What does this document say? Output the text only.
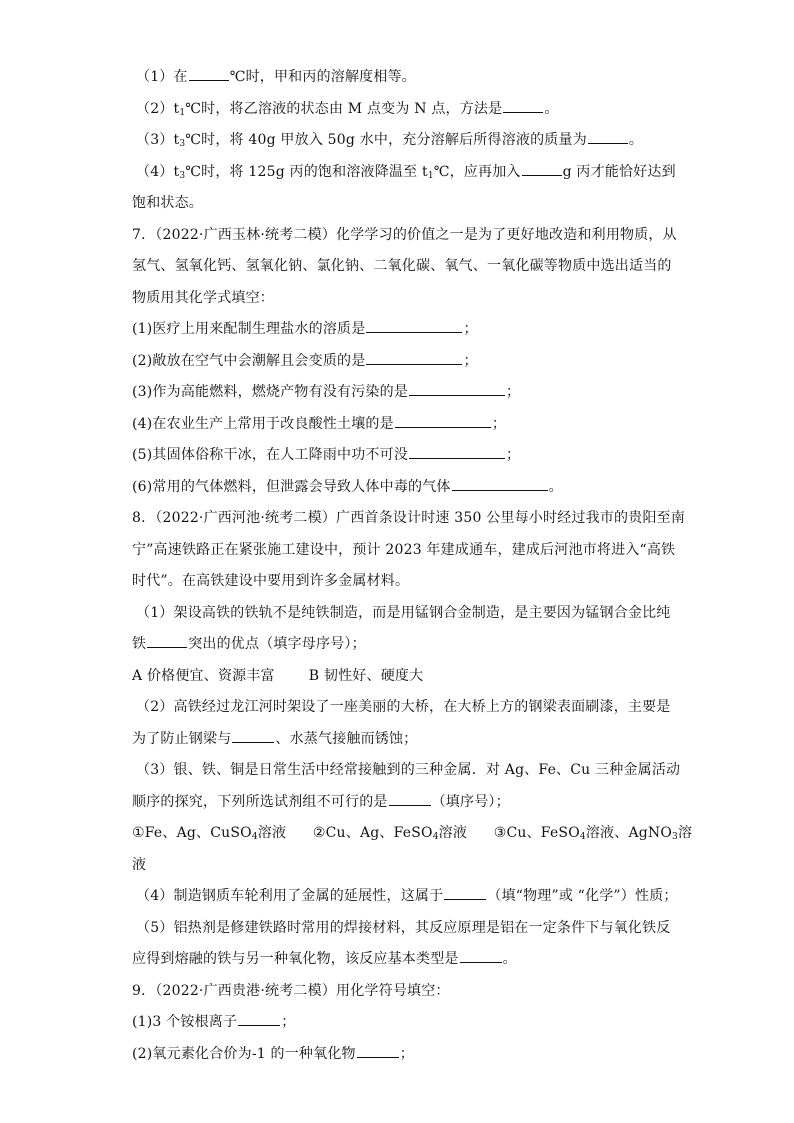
（1）在	℃时，甲和丙的溶解度相等。
$(2)t_1℃$时，将乙溶液的状态由 M 点变为 N 点，方法是	。
$(3)t_3℃$时，将 40g 甲放入 50g 水中，充分溶解后所得溶液的质量为	。
$(4)t_3℃$时，将 125g 丙的饱和溶液降温至 $t_1℃$，应再加入	g 丙才能恰好达到
饱和状态。
7．（2022·广西玉林·统考二模）化学学习的价值之一是为了更好地改造和利用物质，从
氢气、氢氧化钙、氢氧化钠、氯化钠、二氧化碳、氧气、一氧化碳等物质中选出适当的
物质用其化学式填空：
(1)医疗上用来配制生理盐水的溶质是	；
(2)敞放在空气中会潮解且会变质的是	；
(3)作为高能燃料，燃烧产物有没有污染的是	；
(4)在农业生产上常用于改良酸性土壤的是	；
(5)其固体俗称干冰，在人工降雨中功不可没	；
(6)常用的气体燃料，但泄露会导致人体中毒的气体	。
8．（2022·广西河池·统考二模）广西首条设计时速 350 公里每小时经过我市的贵阳至南
宁”高速铁路正在紧张施工建设中，预计 2023 年建成通车，建成后河池市将进入“高铁
时代”。在高铁建设中要用到许多金属材料。
（1）架设高铁的铁轨不是纯铁制造，而是用锰钢合金制造，是主要因为锰钢合金比纯
铁	突出的优点（填字母序号）；
A 价格便宜、资源丰富 B 韧性好、硬度大
（2）高铁经过龙江河时架设了一座美丽的大桥，在大桥上方的钢梁表面刷漆，主要是
为了防止钢梁与	、水蒸气接触而锈蚀；
（3）银、铁、铜是日常生活中经常接触到的三种金属．对 Ag、Fe、Cu 三种金属活动
顺序的探究，下列所选试剂组不可行的是	（填序号）；
①Fe、Ag、CuSO$_4$溶液 ②Cu、Ag、FeSO$_4$溶液 ③Cu、FeSO$_4$溶液、AgNO$_3$溶
液
（4）制造钢质车轮利用了金属的延展性，这属于	（填“物理”或 “化学”）性质；
（5）铝热剂是修建铁路时常用的焊接材料，其反应原理是铝在一定条件下与氧化铁反
应得到熔融的铁与另一种氧化物，该反应基本类型是	。
9．（2022·广西贵港·统考二模）用化学符号填空：
(1)3 个铵根离子	；
(2)氧元素化合价为-1 的一种氧化物	；
